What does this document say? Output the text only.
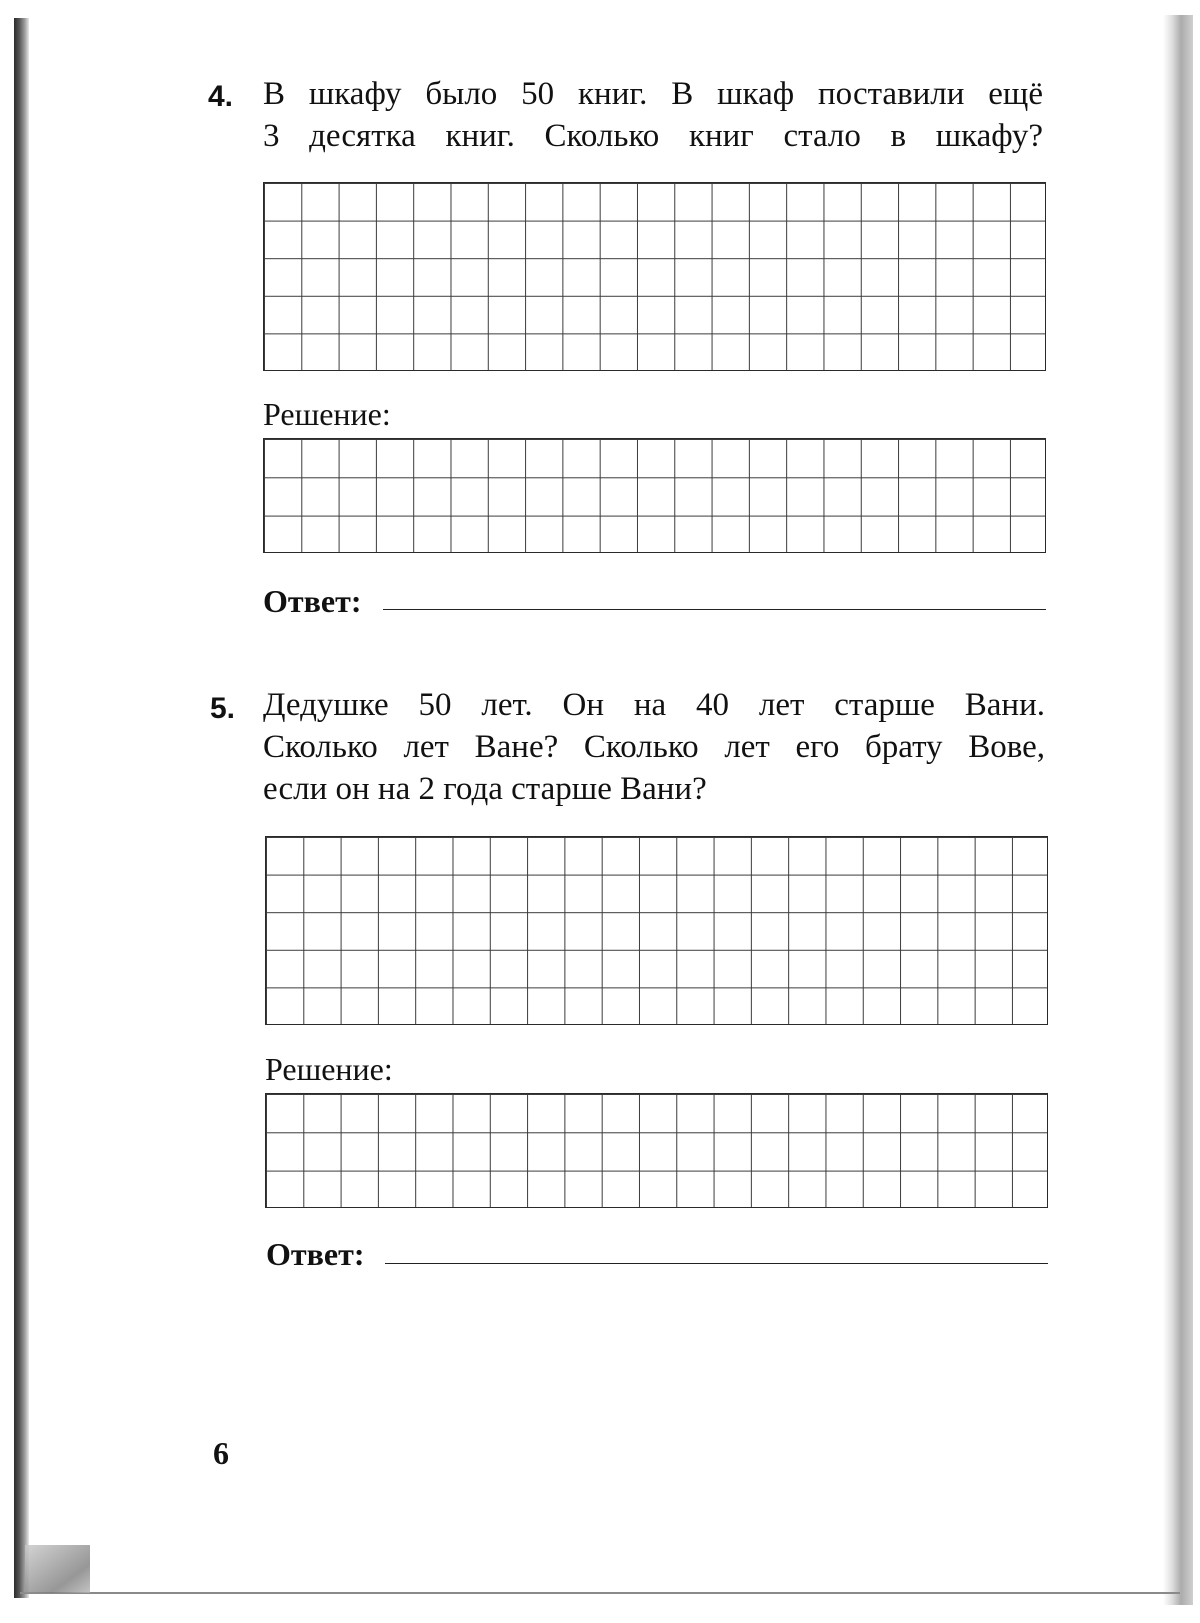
4. В шкафу было 50 книг. В шкаф поставили ещё
3 десятка книг. Сколько книг стало в шкафу?
Решение:
Ответ:
5. Дедушке 50 лет. Он на 40 лет старше Вани.
Сколько лет Ване? Сколько лет его брату Вове,
если он на 2 года старше Вани?
Решение:
Ответ:
6
